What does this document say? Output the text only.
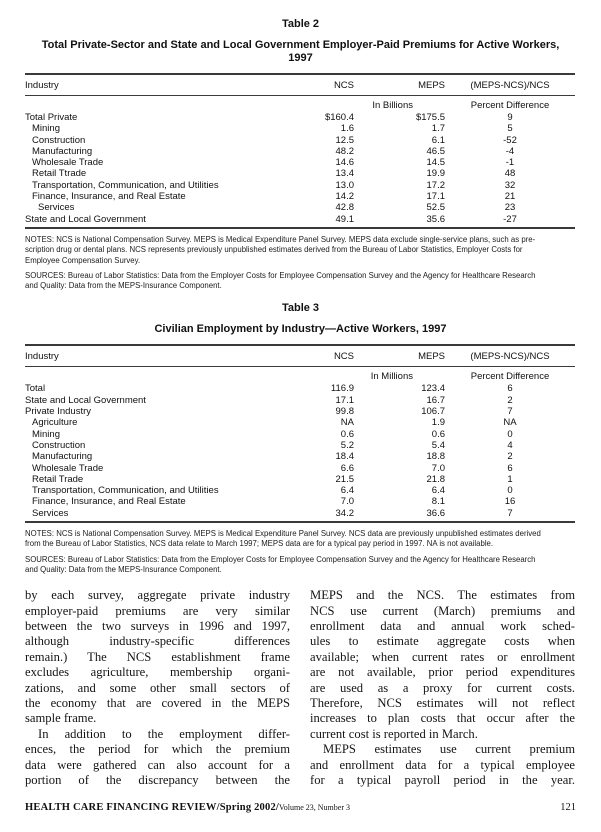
Table 2
Total Private-Sector and State and Local Government Employer-Paid Premiums for Active Workers, 1997
Industry	NCS	MEPS	(MEPS-NCS)/NCS
In Billions	Percent Difference
Total Private	$160.4	$175.5	9
Mining	1.6	1.7	5
Construction	12.5	6.1	-52
Manufacturing	48.2	46.5	-4
Wholesale Trade	14.6	14.5	-1
Retail Ttrade	13.4	19.9	48
Transportation, Communication, and Utilities	13.0	17.2	32
Finance, Insurance, and Real Estate	14.2	17.1	21
Services	42.8	52.5	23
State and Local Government	49.1	35.6	-27
NOTES: NCS is National Compensation Survey. MEPS is Medical Expenditure Panel Survey. MEPS data exclude single-service plans, such as pre-
scription drug or dental plans. NCS represents previously unpublished estimates derived from the Bureau of Labor Statistics, Employer Costs for
Employee Compensation Survey.
SOURCES: Bureau of Labor Statistics: Data from the Employer Costs for Employee Compensation Survey and the Agency for Healthcare Research
and Quality: Data from the MEPS-Insurance Component.
Table 3
Civilian Employment by Industry—Active Workers, 1997
Industry	NCS	MEPS	(MEPS-NCS)/NCS
In Millions	Percent Difference
Total	116.9	123.4	6
State and Local Government	17.1	16.7	2
Private Industry	99.8	106.7	7
Agriculture	NA	1.9	NA
Mining	0.6	0.6	0
Construction	5.2	5.4	4
Manufacturing	18.4	18.8	2
Wholesale Trade	6.6	7.0	6
Retail Trade	21.5	21.8	1
Transportation, Communication, and Utilities	6.4	6.4	0
Finance, Insurance, and Real Estate	7.0	8.1	16
Services	34.2	36.6	7
NOTES: NCS is National Compensation Survey. MEPS is Medical Expenditure Panel Survey. NCS data are previously unpublished estimates derived
from the Bureau of Labor Statistics, NCS data relate to March 1997; MEPS data are for a typical pay period in 1997. NA is not available.
SOURCES: Bureau of Labor Statistics: Data from the Employer Costs for Employee Compensation Survey and the Agency for Healthcare Research
and Quality: Data from the MEPS-Insurance Component.
by each survey, aggregate private industry
employer-paid premiums are very similar
between the two surveys in 1996 and 1997,
although industry-specific differences
remain.) The NCS establishment frame
excludes agriculture, membership organi-
zations, and some other small sectors of
the economy that are covered in the MEPS
sample frame.
In addition to the employment differ-
ences, the period for which the premium
data were gathered can also account for a
portion of the discrepancy between the
MEPS and the NCS. The estimates from
NCS use current (March) premiums and
enrollment data and annual work sched-
ules to estimate aggregate costs when
available; when current rates or enrollment
are not available, prior period expenditures
are used as a proxy for current costs.
Therefore, NCS estimates will not reflect
increases to plan costs that occur after the
current cost is reported in March.
MEPS estimates use current premium
and enrollment data for a typical employee
for a typical payroll period in the year.
HEALTH CARE FINANCING REVIEW/Spring 2002/Volume 23, Number 3	121
